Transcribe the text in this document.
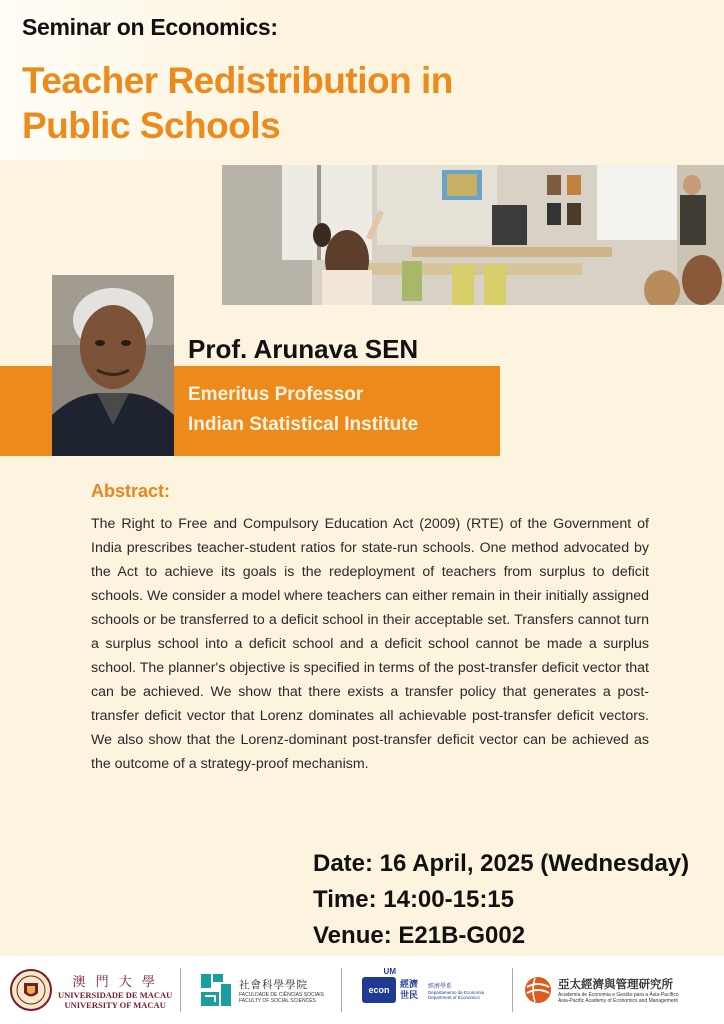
Seminar on Economics:
Teacher Redistribution in
Public Schools
Prof. Arunava SEN
Emeritus Professor
Indian Statistical Institute
Abstract:
The Right to Free and Compulsory Education Act (2009) (RTE) of the Government of India prescribes teacher-student ratios for state-run schools. One method advocated by the Act to achieve its goals is the redeployment of teachers from surplus to deficit schools. We consider a model where teachers can either remain in their initially assigned schools or be transferred to a deficit school in their acceptable set. Transfers cannot turn a surplus school into a deficit school and a deficit school cannot be made a surplus school. The planner's objective is specified in terms of the post-transfer deficit vector that can be achieved. We show that there exists a transfer policy that generates a post-transfer deficit vector that Lorenz dominates all achievable post-transfer deficit vectors. We also show that the Lorenz-dominant post-transfer deficit vector can be achieved as the outcome of a strategy-proof mechanism.
Date: 16 April, 2025 (Wednesday)
Time: 14:00-15:15
Venue: E21B-G002
澳 門 大 學
UNIVERSIDADE DE MACAU
UNIVERSITY OF MACAU
社會科學學院
FACULDADE DE CIÊNCIAS SOCIAIS
FACULTY OF SOCIAL SCIENCES
econ
UM
經濟 世民
經濟學系
Departamento de Economia
Department of Economics
亞太經濟與管理研究所
Academia de Economia e Gestão para a Ásia-Pacífico
Asia-Pacific Academy of Economics and Management
